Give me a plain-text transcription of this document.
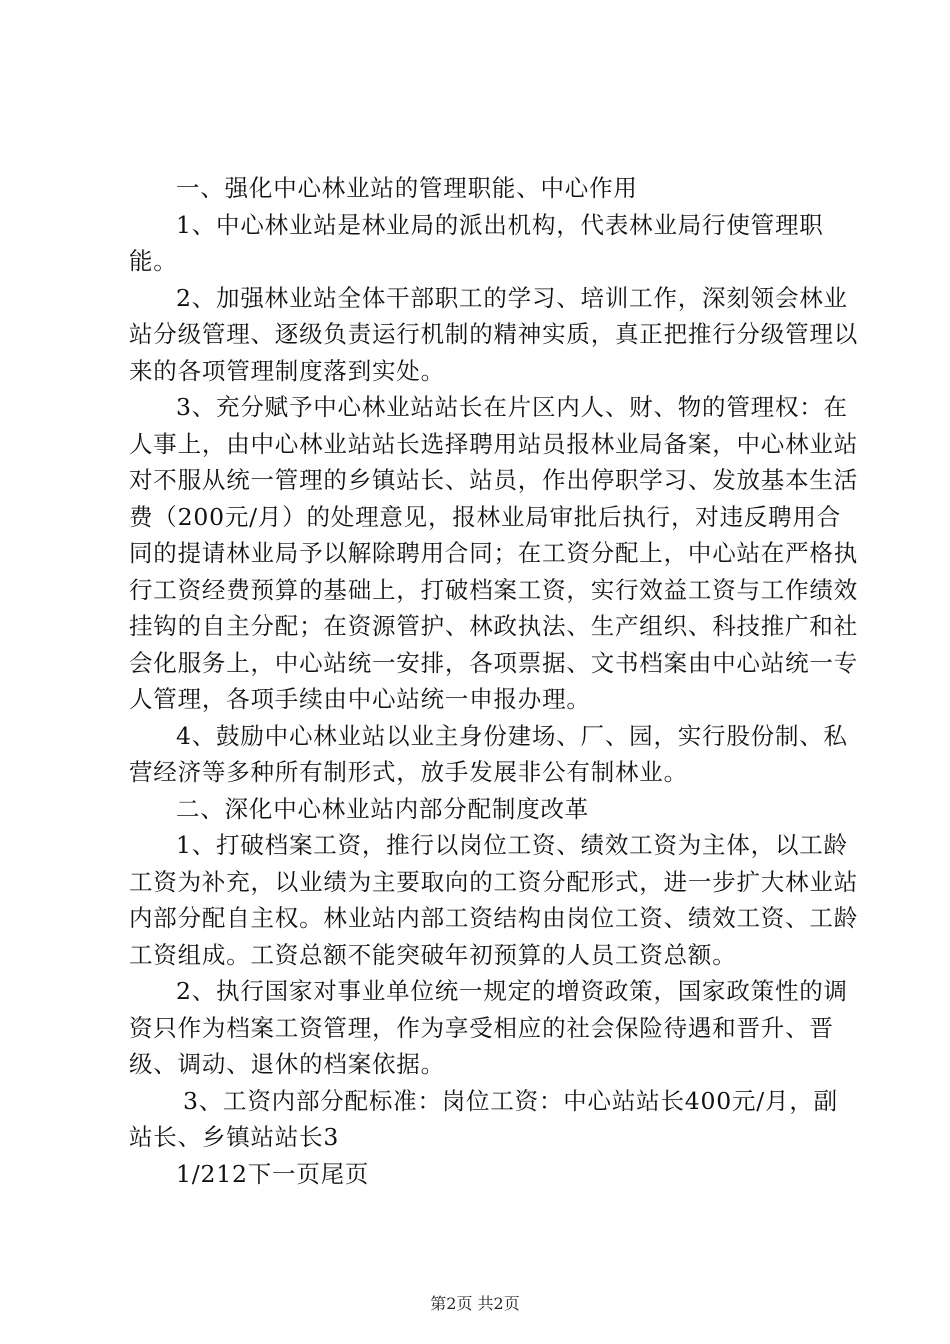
一、强化中心林业站的管理职能、中心作用

1、中心林业站是林业局的派出机构，代表林业局行使管理职能。

2、加强林业站全体干部职工的学习、培训工作，深刻领会林业站分级管理、逐级负责运行机制的精神实质，真正把推行分级管理以来的各项管理制度落到实处。

3、充分赋予中心林业站站长在片区内人、财、物的管理权：在人事上，由中心林业站站长选择聘用站员报林业局备案，中心林业站对不服从统一管理的乡镇站长、站员，作出停职学习、发放基本生活费（200元/月）的处理意见，报林业局审批后执行，对违反聘用合同的提请林业局予以解除聘用合同；在工资分配上，中心站在严格执行工资经费预算的基础上，打破档案工资，实行效益工资与工作绩效挂钩的自主分配；在资源管护、林政执法、生产组织、科技推广和社会化服务上，中心站统一安排，各项票据、文书档案由中心站统一专人管理，各项手续由中心站统一申报办理。

4、鼓励中心林业站以业主身份建场、厂、园，实行股份制、私营经济等多种所有制形式，放手发展非公有制林业。

二、深化中心林业站内部分配制度改革

1、打破档案工资，推行以岗位工资、绩效工资为主体，以工龄工资为补充，以业绩为主要取向的工资分配形式，进一步扩大林业站内部分配自主权。林业站内部工资结构由岗位工资、绩效工资、工龄工资组成。工资总额不能突破年初预算的人员工资总额。

2、执行国家对事业单位统一规定的增资政策，国家政策性的调资只作为档案工资管理，作为享受相应的社会保险待遇和晋升、晋级、调动、退休的档案依据。

3、工资内部分配标准：岗位工资：中心站站长400元/月，副站长、乡镇站站长3

1/212下一页尾页

第2页 共2页
